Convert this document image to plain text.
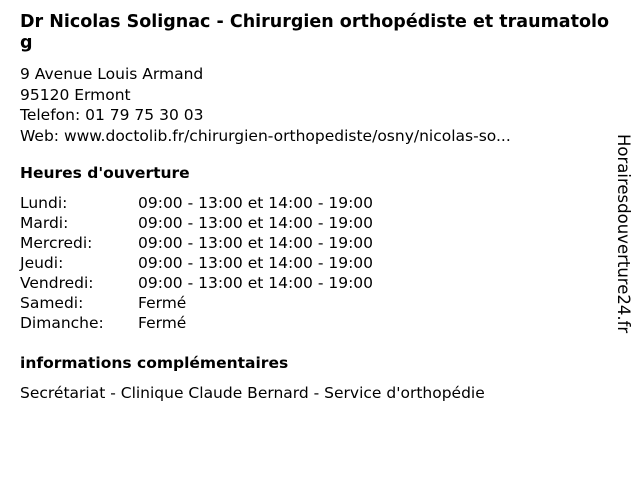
Dr Nicolas Solignac - Chirurgien orthopédiste et traumatolog
9 Avenue Louis Armand
95120 Ermont
Telefon: 01 79 75 30 03
Web: www.doctolib.fr/chirurgien-orthopediste/osny/nicolas-so...
Heures d'ouverture
Lundi:	09:00 - 13:00 et 14:00 - 19:00
Mardi:	09:00 - 13:00 et 14:00 - 19:00
Mercredi:	09:00 - 13:00 et 14:00 - 19:00
Jeudi:	09:00 - 13:00 et 14:00 - 19:00
Vendredi:	09:00 - 13:00 et 14:00 - 19:00
Samedi:	Fermé
Dimanche:	Fermé
informations complémentaires
Secrétariat - Clinique Claude Bernard - Service d'orthopédie
Horairesdouverture24.fr
